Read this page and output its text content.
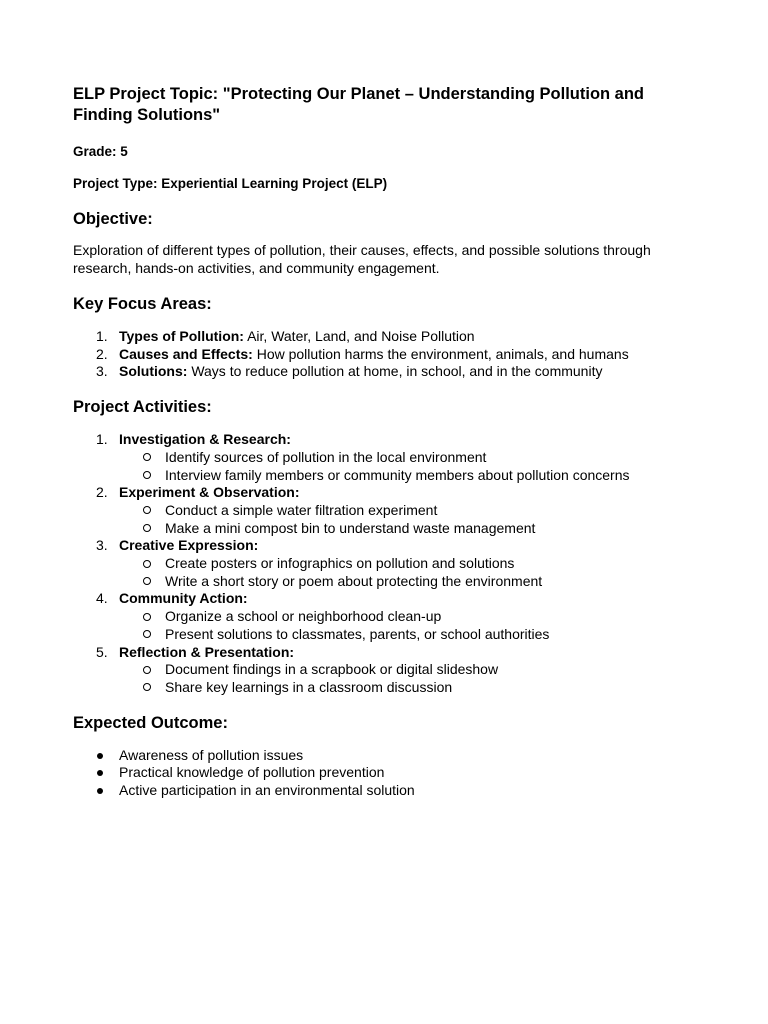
ELP Project Topic: "Protecting Our Planet – Understanding Pollution and Finding Solutions"

Grade: 5

Project Type: Experiential Learning Project (ELP)

Objective:

Exploration of different types of pollution, their causes, effects, and possible solutions through research, hands-on activities, and community engagement.

Key Focus Areas:
1. Types of Pollution: Air, Water, Land, and Noise Pollution
2. Causes and Effects: How pollution harms the environment, animals, and humans
3. Solutions: Ways to reduce pollution at home, in school, and in the community
Project Activities:
1. Investigation & Research:
Identify sources of pollution in the local environment
Interview family members or community members about pollution concerns
2. Experiment & Observation:
Conduct a simple water filtration experiment
Make a mini compost bin to understand waste management
3. Creative Expression:
Create posters or infographics on pollution and solutions
Write a short story or poem about protecting the environment
4. Community Action:
Organize a school or neighborhood clean-up
Present solutions to classmates, parents, or school authorities
5. Reflection & Presentation:
Document findings in a scrapbook or digital slideshow
Share key learnings in a classroom discussion
Expected Outcome:
Awareness of pollution issues
Practical knowledge of pollution prevention
Active participation in an environmental solution
